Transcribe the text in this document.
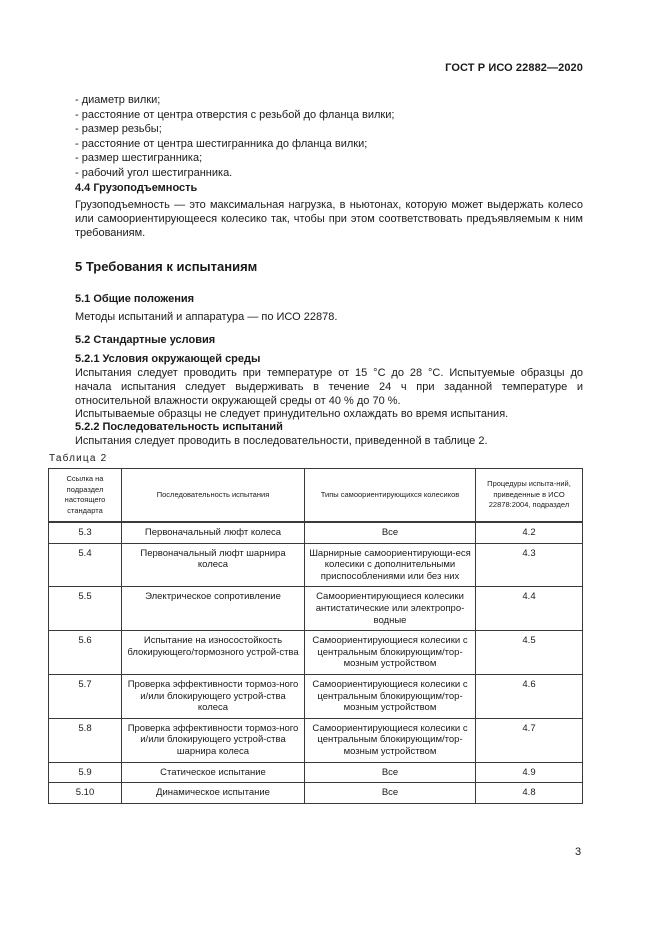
ГОСТ Р ИСО 22882—2020
- диаметр вилки;
- расстояние от центра отверстия с резьбой до фланца вилки;
- размер резьбы;
- расстояние от центра шестигранника до фланца вилки;
- размер шестигранника;
- рабочий угол шестигранника.
4.4 Грузоподъемность
Грузоподъемность — это максимальная нагрузка, в ньютонах, которую может выдержать колесо или самоориентирующееся колесико так, чтобы при этом соответствовать предъявляемым к ним требованиям.
5 Требования к испытаниям
5.1 Общие положения
Методы испытаний и аппаратура — по ИСО 22878.
5.2 Стандартные условия
5.2.1 Условия окружающей среды
Испытания следует проводить при температуре от 15 °С до 28 °С. Испытуемые образцы до начала испытания следует выдерживать в течение 24 ч при заданной температуре и относительной влажности окружающей среды от 40 % до 70 %.
Испытываемые образцы не следует принудительно охлаждать во время испытания.
5.2.2 Последовательность испытаний
Испытания следует проводить в последовательности, приведенной в таблице 2.
Таблица 2
Ссылка на подраздел настоящего стандарта	Последовательность испытания	Типы самоориентирующихся колесиков	Процедуры испыта-ний, приведенные в ИСО 22878:2004, подраздел
5.3	Первоначальный люфт колеса	Все	4.2
5.4	Первоначальный люфт шарнира колеса	Шарнирные самоориентирующи-еся колесики с дополнительными приспособлениями или без них	4.3
5.5	Электрическое сопротивление	Самоориентирующиеся колесики антистатические или электропро-водные	4.4
5.6	Испытание на износостойкость блокирующего/тормозного устрой-ства	Самоориентирующиеся колесики с центральным блокирующим/тор-мозным устройством	4.5
5.7	Проверка эффективности тормоз-ного и/или блокирующего устрой-ства колеса	Самоориентирующиеся колесики с центральным блокирующим/тор-мозным устройством	4.6
5.8	Проверка эффективности тормоз-ного и/или блокирующего устрой-ства шарнира колеса	Самоориентирующиеся колесики с центральным блокирующим/тор-мозным устройством	4.7
5.9	Статическое испытание	Все	4.9
5.10	Динамическое испытание	Все	4.8
3
